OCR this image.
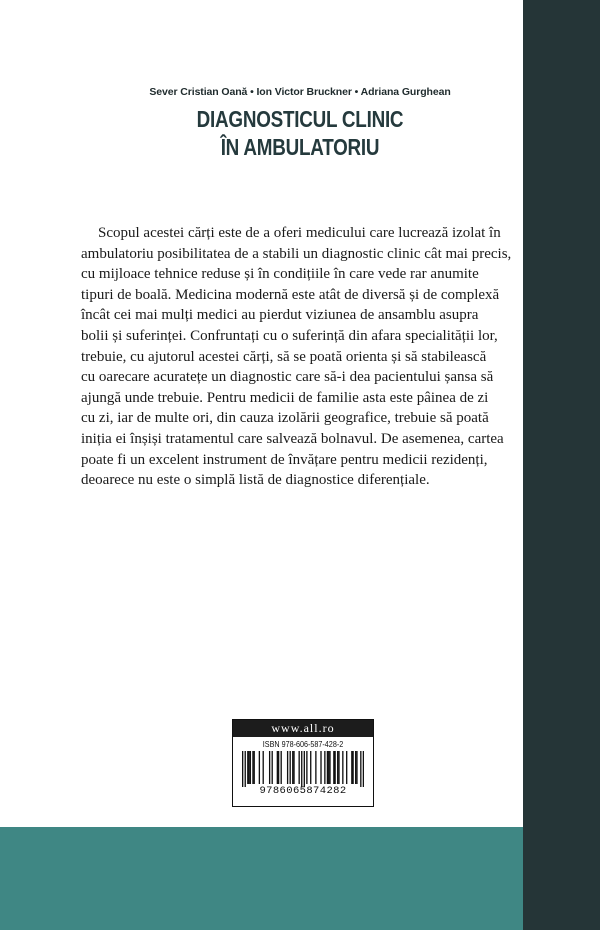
Sever Cristian Oană • Ion Victor Bruckner • Adriana Gurghean
DIAGNOSTICUL CLINIC
ÎN AMBULATORIU
Scopul acestei cărți este de a oferi medicului care lucrează izolat în
ambulatoriu posibilitatea de a stabili un diagnostic clinic cât mai precis,
cu mijloace tehnice reduse și în condițiile în care vede rar anumite
tipuri de boală. Medicina modernă este atât de diversă și de complexă
încât cei mai mulți medici au pierdut viziunea de ansamblu asupra
bolii și suferinței. Confruntați cu o suferință din afara specialității lor,
trebuie, cu ajutorul acestei cărți, să se poată orienta și să stabilească
cu oarecare acuratețe un diagnostic care să-i dea pacientului șansa să
ajungă unde trebuie. Pentru medicii de familie asta este pâinea de zi
cu zi, iar de multe ori, din cauza izolării geografice, trebuie să poată
iniția ei înșiși tratamentul care salvează bolnavul. De asemenea, cartea
poate fi un excelent instrument de învățare pentru medicii rezidenți,
deoarece nu este o simplă listă de diagnostice diferențiale.
www.all.ro
ISBN 978-606-587-428-2
9786065874282
